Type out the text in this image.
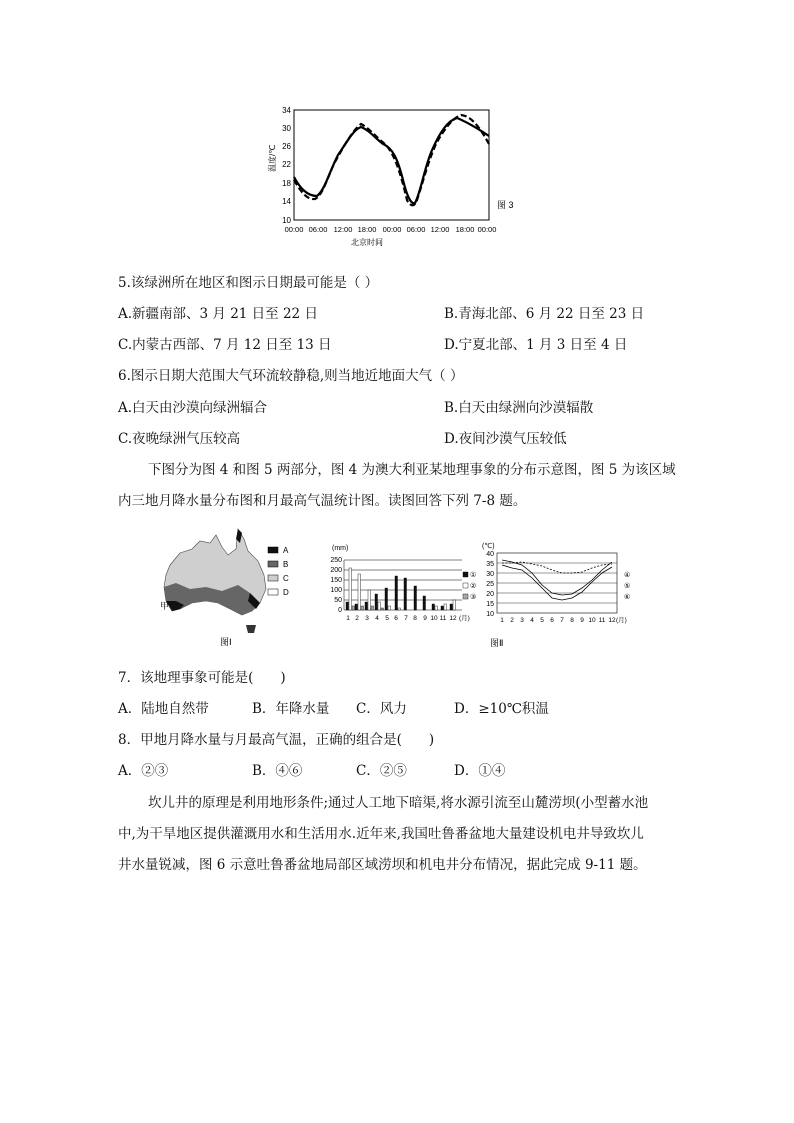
34
30
26
22
18
14
10
温度/℃
00:00 06:00 12:00 18:00 00:00 06:00 12:00 18:00 00:00
北京时间
图 3
5.该绿洲所在地区和图示日期最可能是（ ）
A.新疆南部、3 月 21 日至 22 日	B.青海北部、6 月 22 日至 23 日
C.内蒙古西部、7 月 12 日至 13 日	D.宁夏北部、1 月 3 日至 4 日
6.图示日期大范围大气环流较静稳,则当地近地面大气（ ）
A.白天由沙漠向绿洲辐合	B.白天由绿洲向沙漠辐散
C.夜晚绿洲气压较高	D.夜间沙漠气压较低
下图分为图 4 和图 5 两部分，图 4 为澳大利亚某地理事象的分布示意图，图 5 为该区域
内三地月降水量分布图和月最高气温统计图。读图回答下列 7-8 题。
甲
A
B
C
D
图Ⅰ
(mm)
250
200
150
100
50
0
1 2 3 4 5 6 7 8 9 10 11 12 (月)
①
②
③
(℃)
40
35
30
25
20
15
10
1 2 3 4 5 6 7 8 9 10 11 12 (月)
④
⑤
⑥
图Ⅱ
7．该地理事象可能是(　　)
A．陆地自然带	B．年降水量 C．风力	D．≥10℃积温
8．甲地月降水量与月最高气温，正确的组合是(　　)
A．②③	B．④⑥	C．②⑤	D．①④
坎儿井的原理是利用地形条件;通过人工地下暗渠,将水源引流至山麓涝坝(小型蓄水池
中,为干旱地区提供灌溉用水和生活用水.近年来,我国吐鲁番盆地大量建设机电井导致坎儿
井水量锐减，图 6 示意吐鲁番盆地局部区域涝坝和机电井分布情况，据此完成 9-11 题。
